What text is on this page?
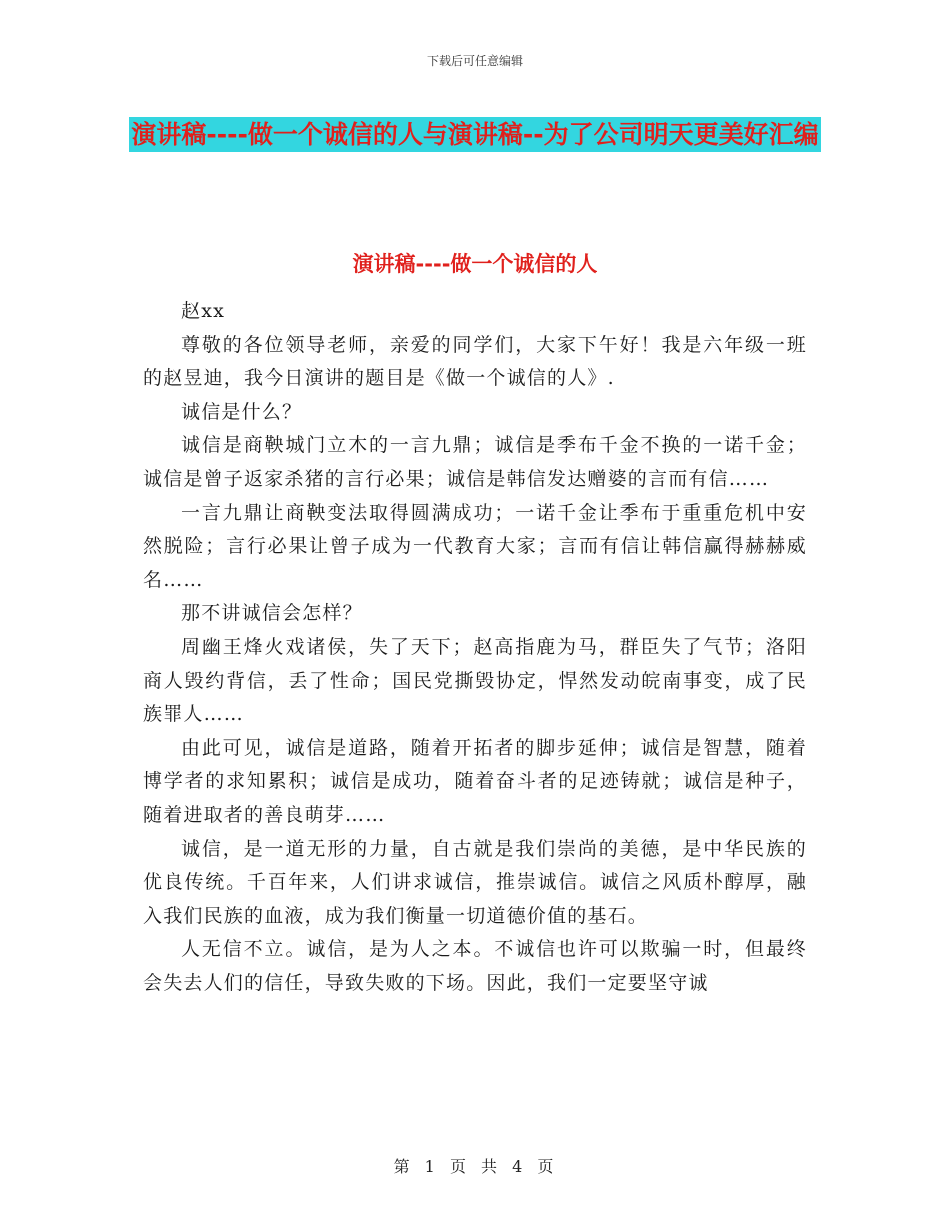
下载后可任意编辑
演讲稿----做一个诚信的人与演讲稿--为了公司明天更美好汇编
演讲稿----做一个诚信的人

赵xx

尊敬的各位领导老师，亲爱的同学们，大家下午好！我是六年级一班的赵昱迪，我今日演讲的题目是《做一个诚信的人》.

诚信是什么？

诚信是商鞅城门立木的一言九鼎；诚信是季布千金不换的一诺千金；诚信是曾子返家杀猪的言行必果；诚信是韩信发达赠婆的言而有信……

一言九鼎让商鞅变法取得圆满成功；一诺千金让季布于重重危机中安然脱险；言行必果让曾子成为一代教育大家；言而有信让韩信赢得赫赫威名……

那不讲诚信会怎样？

周幽王烽火戏诸侯，失了天下；赵高指鹿为马，群臣失了气节；洛阳商人毁约背信，丢了性命；国民党撕毁协定，悍然发动皖南事变，成了民族罪人……

由此可见，诚信是道路，随着开拓者的脚步延伸；诚信是智慧，随着博学者的求知累积；诚信是成功，随着奋斗者的足迹铸就；诚信是种子，随着进取者的善良萌芽……

诚信，是一道无形的力量，自古就是我们崇尚的美德，是中华民族的优良传统。千百年来，人们讲求诚信，推崇诚信。诚信之风质朴醇厚，融入我们民族的血液，成为我们衡量一切道德价值的基石。

人无信不立。诚信，是为人之本。不诚信也许可以欺骗一时，但最终会失去人们的信任，导致失败的下场。因此，我们一定要坚守诚

第 1 页 共 4 页
